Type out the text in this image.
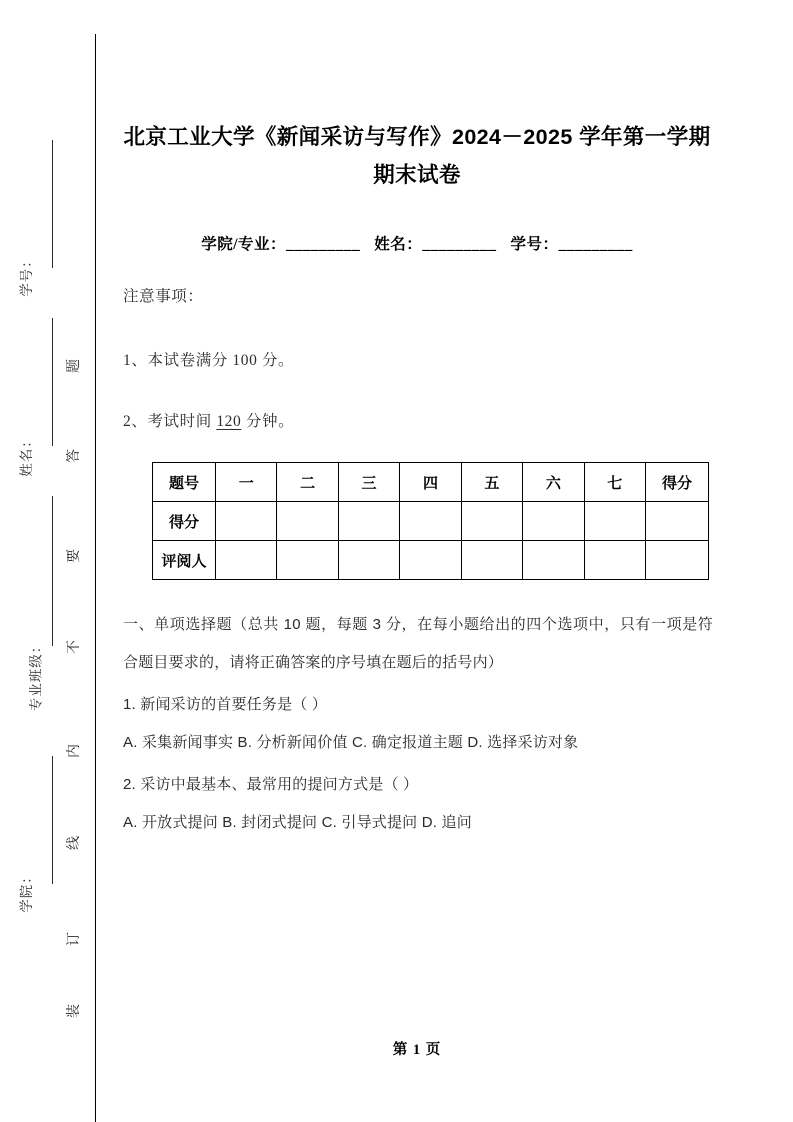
学号：
姓名：
专业班级：
学院：
题
答
要
不
内
线
订
装
北京工业大学《新闻采访与写作》2024－2025 学年第一学期期末试卷
学院/专业：_________ 姓名：_________ 学号：_________
注意事项：
1、本试卷满分 100 分。
2、考试时间 120 分钟。
题号	一	二	三	四	五	六	七	得分
得分								
评阅人								

一、单项选择题（总共 10 题，每题 3 分，在每小题给出的四个选项中，只有一项是符合题目要求的，请将正确答案的序号填在题后的括号内）

1. 新闻采访的首要任务是（ ）

A. 采集新闻事实 B. 分析新闻价值 C. 确定报道主题 D. 选择采访对象

2. 采访中最基本、最常用的提问方式是（ ）

A. 开放式提问 B. 封闭式提问 C. 引导式提问 D. 追问

第 1 页
